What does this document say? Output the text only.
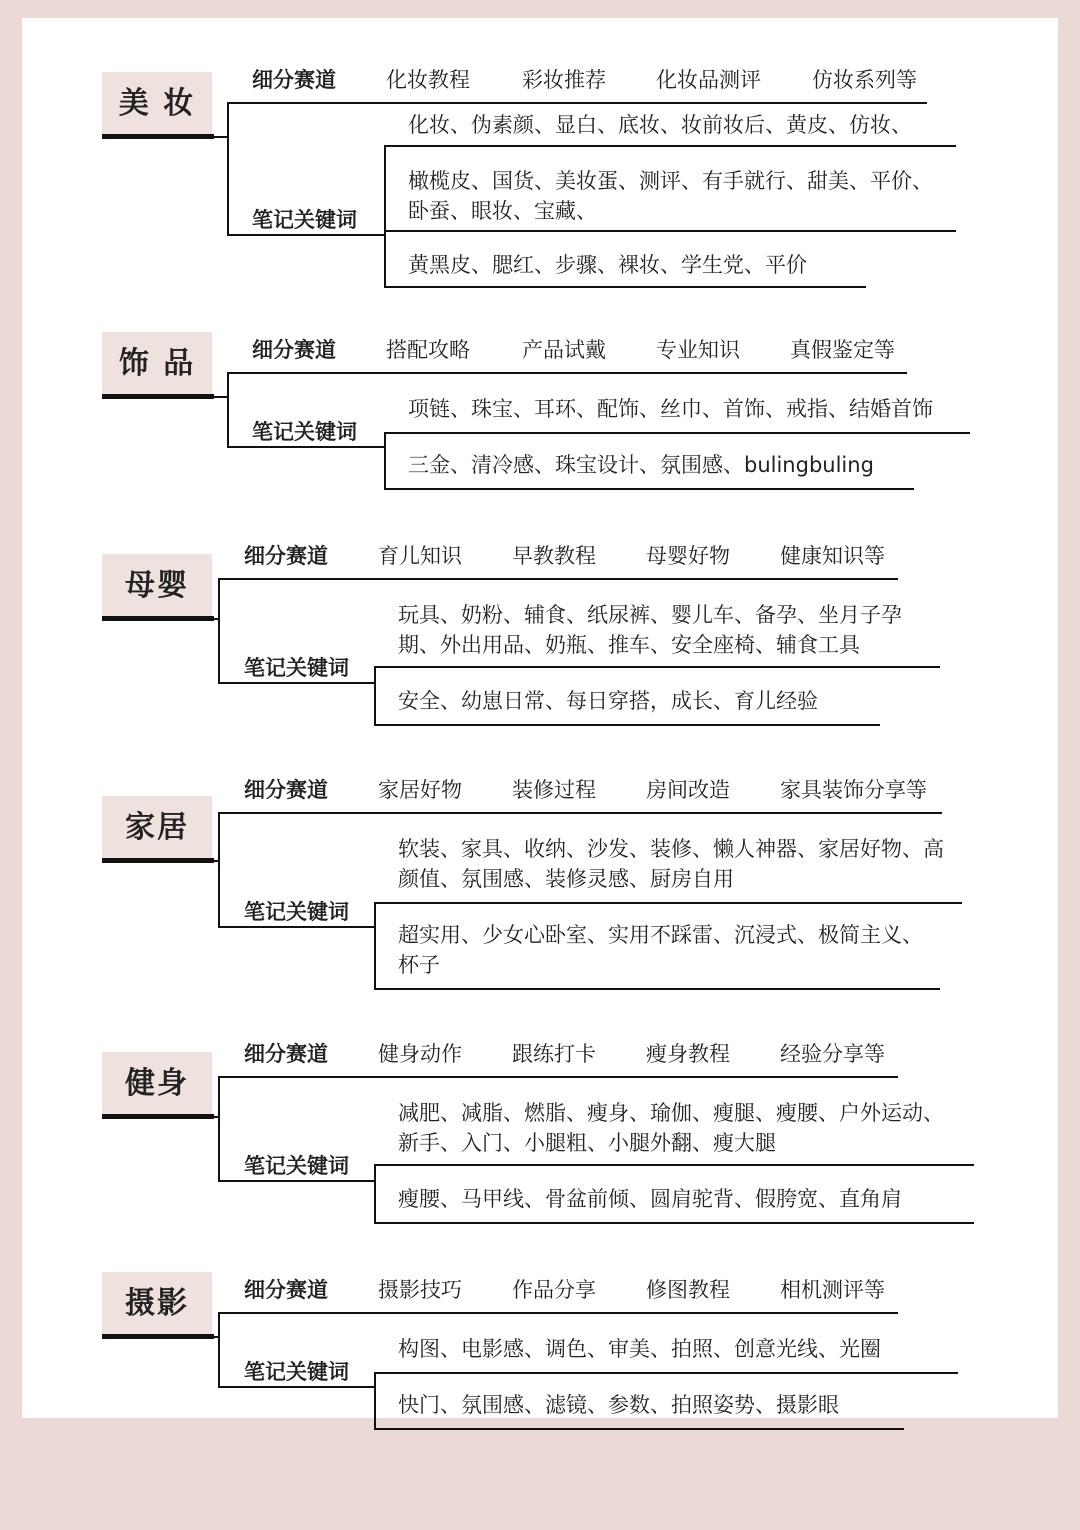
美 妆
细分赛道 化妆教程 彩妆推荐 化妆品测评 仿妆系列等
笔记关键词
化妆、伪素颜、显白、底妆、妆前妆后、黄皮、仿妆、
橄榄皮、国货、美妆蛋、测评、有手就行、甜美、平价、卧蚕、眼妆、宝藏、
黄黑皮、腮红、步骤、裸妆、学生党、平价
饰 品	细分赛道 搭配攻略 产品试戴 专业知识 真假鉴定等
笔记关键词
项链、珠宝、耳环、配饰、丝巾、首饰、戒指、结婚首饰
三金、清冷感、珠宝设计、氛围感、bulingbuling
母婴
细分赛道 育儿知识 早教教程 母婴好物 健康知识等
笔记关键词
玩具、奶粉、辅食、纸尿裤、婴儿车、备孕、坐月子孕期、外出用品、奶瓶、推车、安全座椅、辅食工具
安全、幼崽日常、每日穿搭，成长、育儿经验
家居
细分赛道 家居好物 装修过程 房间改造 家具装饰分享等
笔记关键词
软装、家具、收纳、沙发、装修、懒人神器、家居好物、高颜值、氛围感、装修灵感、厨房自用
超实用、少女心卧室、实用不踩雷、沉浸式、极简主义、杯子
健身
细分赛道 健身动作 跟练打卡 瘦身教程 经验分享等
笔记关键词
减肥、减脂、燃脂、瘦身、瑜伽、瘦腿、瘦腰、户外运动、新手、入门、小腿粗、小腿外翻、瘦大腿
瘦腰、马甲线、骨盆前倾、圆肩驼背、假胯宽、直角肩
摄影	细分赛道 摄影技巧 作品分享 修图教程 相机测评等
笔记关键词
构图、电影感、调色、审美、拍照、创意光线、光圈
快门、氛围感、滤镜、参数、拍照姿势、摄影眼
